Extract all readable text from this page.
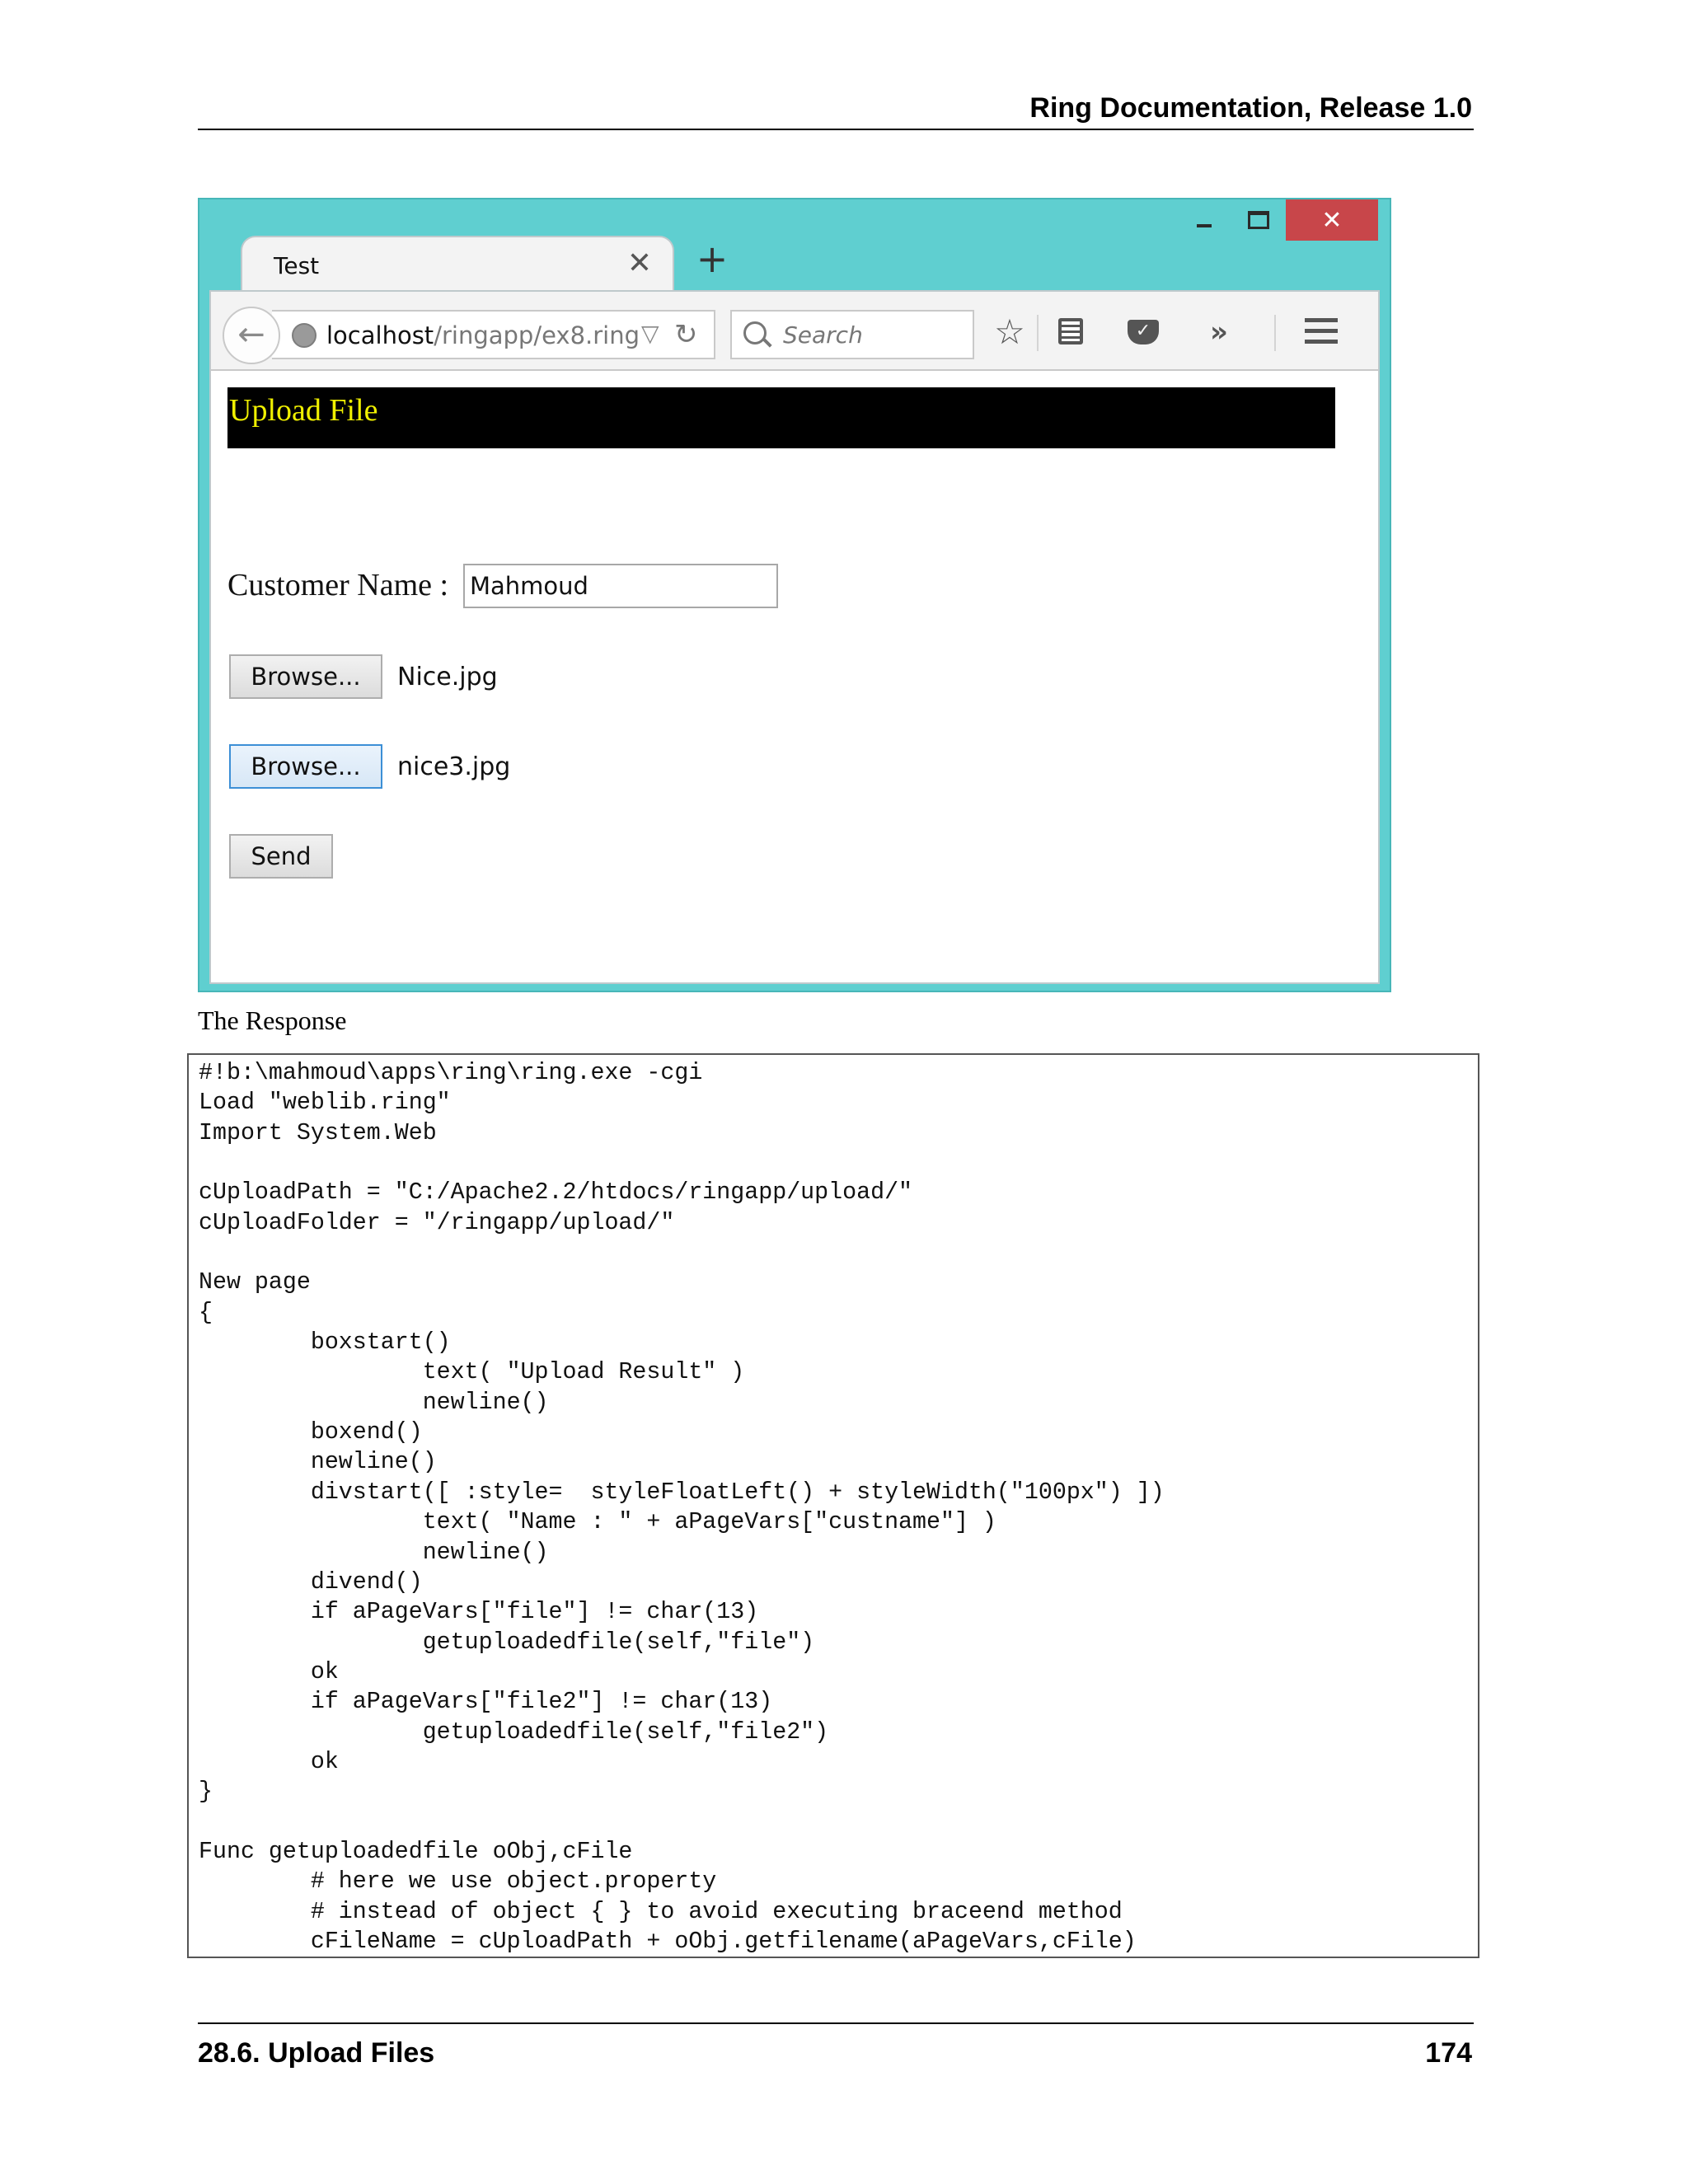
Ring Documentation, Release 1.0
✕
Test	✕ +
localhost/ringapp/ex8.ring ▽ ↻
←	Search	☆	✓	»
Upload File
Customer Name : Mahmoud
Browse...	Nice.jpg
Browse...	nice3.jpg
Send
The Response
#!b:\mahmoud\apps\ring\ring.exe -cgi
Load "weblib.ring"
Import System.Web

cUploadPath = "C:/Apache2.2/htdocs/ringapp/upload/"
cUploadFolder = "/ringapp/upload/"

New page
{
boxstart()
text( "Upload Result" )
newline()
boxend()
newline()
divstart([ :style=  styleFloatLeft() + styleWidth("100px") ])
text( "Name : " + aPageVars["custname"] )
newline()
divend()
if aPageVars["file"] != char(13)
getuploadedfile(self,"file")
ok
if aPageVars["file2"] != char(13)
getuploadedfile(self,"file2")
ok
}

Func getuploadedfile oObj,cFile
# here we use object.property
# instead of object { } to avoid executing braceend method
cFileName = cUploadPath + oObj.getfilename(aPageVars,cFile)
28.6. Upload Files	174
